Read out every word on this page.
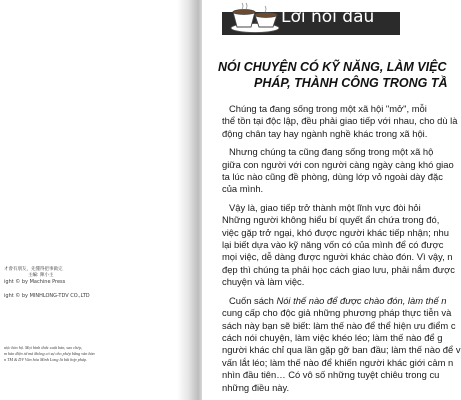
才會有朋友，先懂得把事做完
主編: 陳小主
ight © by Machine Press
ight © by MINHLONG-TDV CO.,LTD
ược bảo hộ. Mọi hình thức xuất bản, sao chép,
m bản điện tử mà không có sự cho phép bằng văn bản
n TM & DV Văn hóa Minh Long là bất hợp pháp.
Lời nói đầu
NÓI CHUYỆN CÓ KỸ NĂNG, LÀM VIỆC
PHÁP, THÀNH CÔNG TRONG TẦ
Chúng ta đang sống trong một xã hội "mở", mỗi
thể tồn tại độc lập, đều phải giao tiếp với nhau, cho dù là
động chân tay hay ngành nghề khác trong xã hội.
Nhưng chúng ta cũng đang sống trong một xã hộ
giữa con người với con người càng ngày càng khó giao
ta lúc nào cũng đề phòng, dùng lớp vỏ ngoài dày đặc
của mình.
Vậy là, giao tiếp trở thành một lĩnh vực đòi hỏi
Những người không hiểu bí quyết ẩn chứa trong đó,
việc gặp trở ngại, khó được người khác tiếp nhận; nhu
lại biết dựa vào kỹ năng vốn có của mình để có được
mọi việc, dễ dàng được người khác chào đón. Vì vậy, n
đẹp thì chúng ta phải học cách giao lưu, phải nắm được
chuyện và làm việc.
Cuốn sách Nói thế nào để được chào đón, làm thế n
cung cấp cho độc giả những phương pháp thực tiễn và
sách này bạn sẽ biết: làm thế nào để thể hiện ưu điểm c
cách nói chuyện, làm việc khéo léo; làm thế nào để g
người khác chỉ qua lần gặp gỡ ban đầu; làm thế nào để v
vấn lắt léo; làm thế nào để khiến người khác giới cảm n
nhìn đầu tiên… Có vô số những tuyệt chiêu trong cu
những điều này.
